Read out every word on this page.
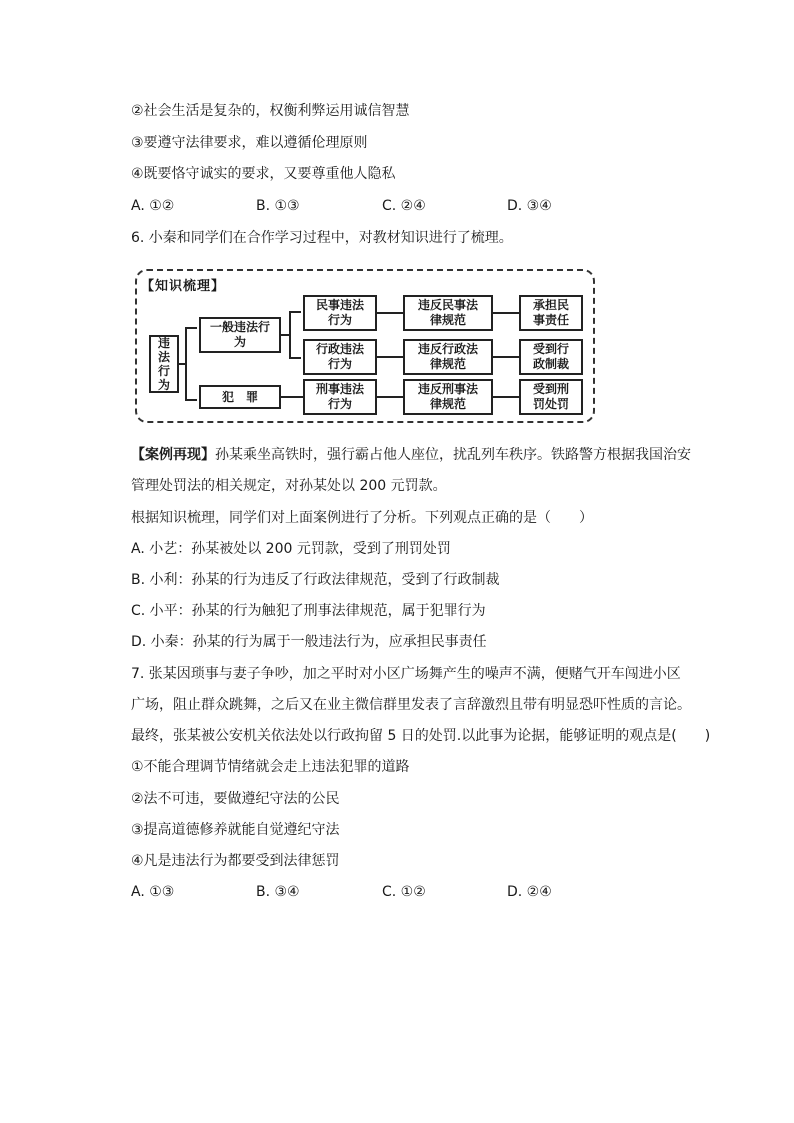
②社会生活是复杂的，权衡利弊运用诚信智慧
③要遵守法律要求，难以遵循伦理原则
④既要恪守诚实的要求，又要尊重他人隐私
A. ①②	B. ①③	C. ②④	D. ③④
6. 小秦和同学们在合作学习过程中，对教材知识进行了梳理。
【知识梳理】
违法行为
一般违法行为
犯　罪
民事违法行为
行政违法行为
刑事违法行为
违反民事法律规范
违反行政法律规范
违反刑事法律规范
承担民事责任
受到行政制裁
受到刑罚处罚
【案例再现】孙某乘坐高铁时，强行霸占他人座位，扰乱列车秩序。铁路警方根据我国治安
管理处罚法的相关规定，对孙某处以 200 元罚款。
根据知识梳理，同学们对上面案例进行了分析。下列观点正确的是（　　）
A. 小艺：孙某被处以 200 元罚款，受到了刑罚处罚
B. 小利：孙某的行为违反了行政法律规范，受到了行政制裁
C. 小平：孙某的行为触犯了刑事法律规范，属于犯罪行为
D. 小秦：孙某的行为属于一般违法行为，应承担民事责任
7. 张某因琐事与妻子争吵，加之平时对小区广场舞产生的噪声不满，便赌气开车闯进小区
广场，阻止群众跳舞，之后又在业主微信群里发表了言辞激烈且带有明显恐吓性质的言论。
最终，张某被公安机关依法处以行政拘留 5 日的处罚.以此事为论据，能够证明的观点是(　　)
①不能合理调节情绪就会走上违法犯罪的道路
②法不可违，要做遵纪守法的公民
③提高道德修养就能自觉遵纪守法
④凡是违法行为都要受到法律惩罚
A. ①③	B. ③④	C. ①②	D. ②④
